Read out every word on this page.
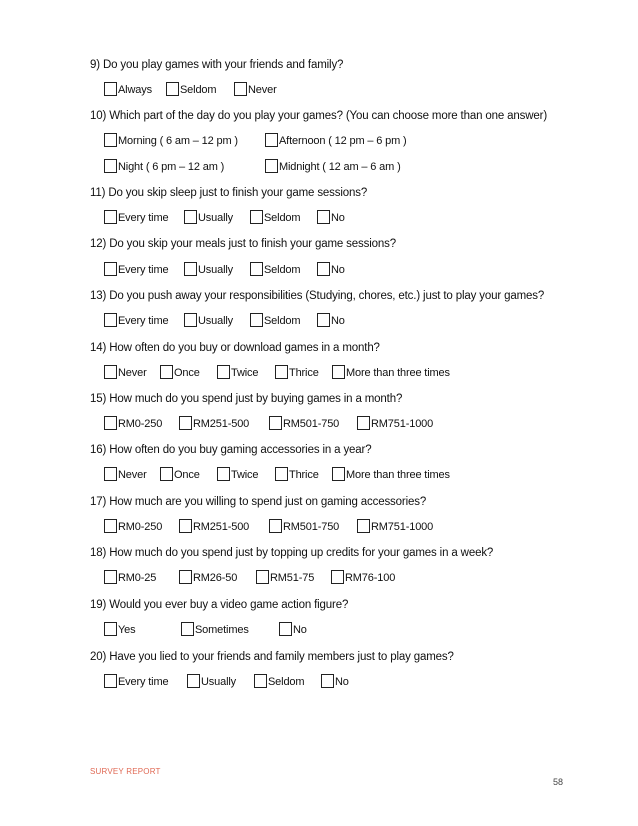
9) Do you play games with your friends and family?
Always	Seldom	Never
10) Which part of the day do you play your games? (You can choose more than one answer)
Morning ( 6 am – 12 pm )	Afternoon ( 12 pm – 6 pm )
Night ( 6 pm – 12 am )	Midnight ( 12 am – 6 am )
11) Do you skip sleep just to finish your game sessions?
Every time	Usually	Seldom	No
12) Do you skip your meals just to finish your game sessions?
Every time	Usually	Seldom	No
13) Do you push away your responsibilities (Studying, chores, etc.) just to play your games?
Every time	Usually	Seldom	No
14) How often do you buy or download games in a month?
Never Once	Twice	Thrice More than three times
15) How much do you spend just by buying games in a month?
RM0-250	RM251-500	RM501-750	RM751-1000
16) How often do you buy gaming accessories in a year?
Never Once	Twice	Thrice More than three times
17) How much are you willing to spend just on gaming accessories?
RM0-250	RM251-500	RM501-750	RM751-1000
18) How much do you spend just by topping up credits for your games in a week?
RM0-25	RM26-50	RM51-75	RM76-100
19) Would you ever buy a video game action figure?
Yes	Sometimes	No
20) Have you lied to your friends and family members just to play games?
Every time	Usually	Seldom	No
SURVEY REPORT
58
